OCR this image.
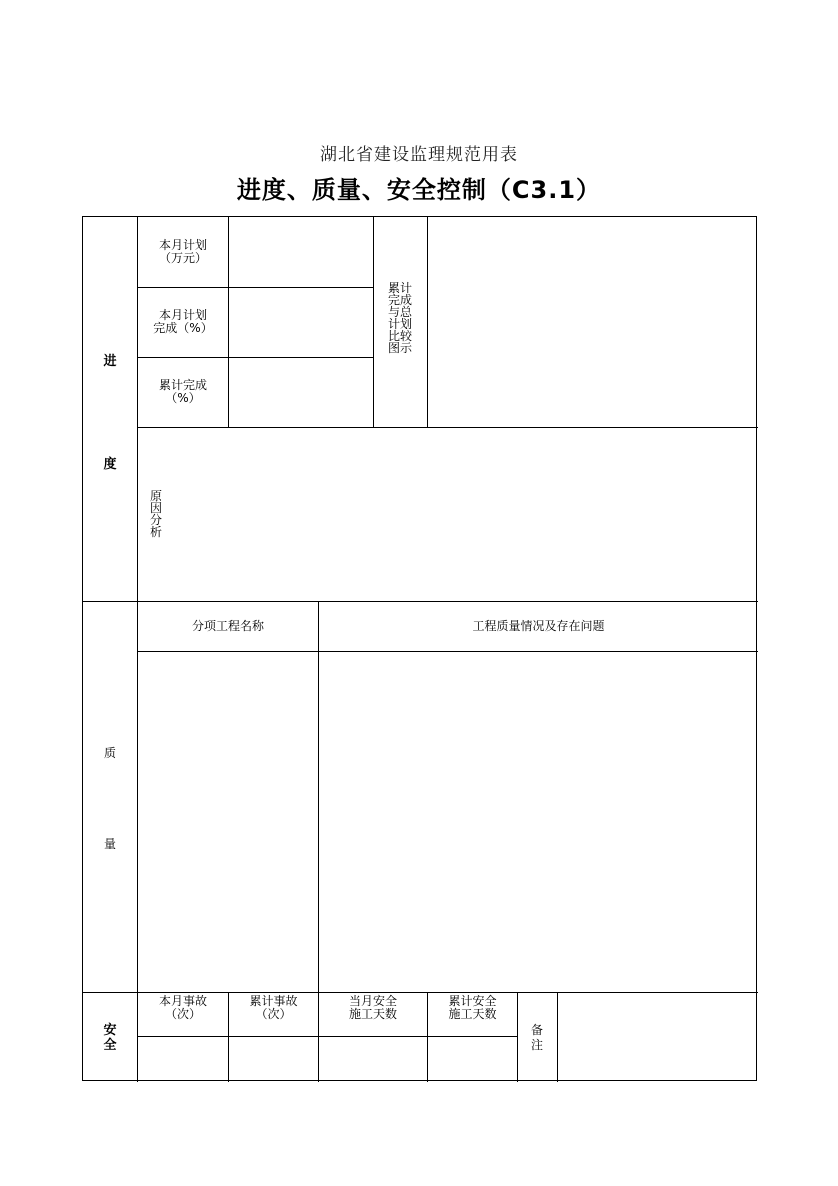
湖北省建设监理规范用表
进度、质量、安全控制（C3.1）
进
度
本月计划
（万元）
本月计划
完成（%）
累计完成
（%）
累计完成与总计划比较图示
原因分析
质
量
分项工程名称	工程质量情况及存在问题
安全
本月事故
（次）
累计事故
（次）
当月安全
施工天数
累计安全
施工天数
备注
